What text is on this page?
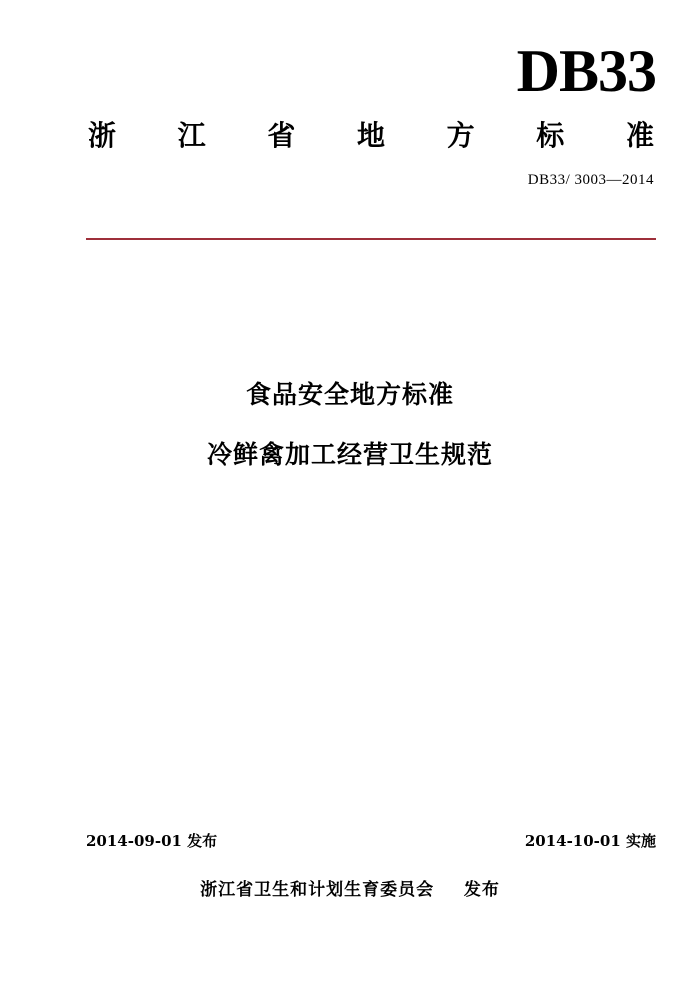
DB33
浙 江 省 地 方 标 准
DB33/ 3003—2014
食品安全地方标准
冷鲜禽加工经营卫生规范
2014-09-01 发布	2014-10-01 实施
浙江省卫生和计划生育委员会 发布
